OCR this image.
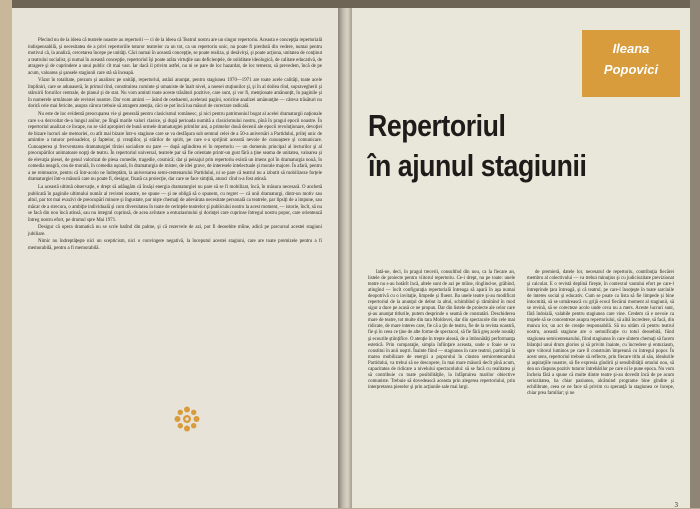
Plecind nu de la ideea că teatrele noastre au repertorii — ci de la ideea că Teatrul nostru are un singur repertoriu. Aceasta e concepţia repertorială indispensabilă, şi necesitatea de a privi repertoriile tuturor teatrelor ca un tot, ca un repertoriu unic, nu poate fi pierdută din vedere, numai pentru motivul că, la analiză, cercetarea începe pe unităţi. Căci numai în această concepţie, se poate realiza, şi desăvirşi, şi poate acţiona, unitatea de conţinut a teatrului socialist, şi numai în această concepţie, repertoriul îşi poate arăta virtuţile sau deficienţele, de soliditate ideologică, de calitate educativă, de atragere şi de cuprindere a unui public cît mai vast. Iar dacă il privim astfel, nu ni se pare de loc hazardat, de loc temerar, să prevedem, încă de pe acum, valoarea şi şansele stagiunii care stă să înceapă.

Văzut în totalitate, prezum şi analizez pe unităţi, repertoriul, astăzi anunţat, pentru stagiunea 1970—1971 are toate acele calităţi, toate acele împliniri, care se adunaseră, în primul rînd, constituirea cuminte şi umaniste de înalt nivel, a noesei stuţiunilor şi, şi în al doilea rînd, supravegherii şi stăruirii forurilor centrale, de planul şi de stat. Nu vom aminti toate aceste trăsături pozitive, care sunt, şi vor fi, menţionate amănunţit, în paginile şi în numerele următoare ale revistei noastre. Dar vom aminti — ăsind de osebaemi, acelerasi pagini, soricine analizei amănunţite — câteva trăsături nu doriră cele mai fericite, asupra cărora trebuie să atragem atenţia, căci se pot încă lua măsuri de corectare radicală.

Nu este de loc evidentă preocuparea vie şi generală pentru clasicismul românesc, şi nici pentru patrimoniul bogat al acelei dramaturgii naţionale care s-a dezvoltat de-a lungul anilor, pe lîngă marile valori clasice, şi după perioada numită a clasicismului nostru, pînă în pragul epocii noastre. În repertoriul analizat ce încape, nu se văd apropieri de bună urmele dramaturgiei primilor ani, a primelor două decenii ale epocii revoluţionare, devoţiei de bizare lucruri ale memoriei, cu atît mai bizare într-o stagiune care se va desfăşura sub semnul celei de a 50-a aniversări a Partidului, prilej unic de amintire a tuturor perioadelor, şi faptelor, şi creaţiilor, şi stărilor de spirit, pe care s-a sprijinit această nevoie de cunoaştere şi comunicare. Cunoaşterea şi frecventarea dramaturgiei tîrziei socialiste nu pare — după aglindirea ei în repertoriu — un domeniu principal al lecturilor şi al preocupărilor animatoare nopţi de teatru. În repertoriul universal, teatrele par să fie orientate printr-un gust fără a ţine seama de unitatea, valoarea şi de elevaţia piesei, de genul valorizat de piesa comedie, tragedie, cosmică; dar şi peisajul prin repertoriu există un imens gol în dramaturgia nouă, în comedia neagră, cea de morală, în comedia uşoară, în dramaturgia de mister, de idei grave, de interesele intelectuale şi morale majore. În afară, pentru a ne reintoarce, pentru că într-acolo ne îndreptăm, la aniversarea semi-centenarului Partidului, ni se pare că teatrul nu a izbutit să mobilizeze forţele dramaturgiei într-o măsură care nu poate fi, desigur, fixată ca proiecţie, dar care se face simţită, atunci cînd n-a fost atinsă.

La această ultimă observaţie, e drept să adăugăm că însăşi energia dramaturgiei nu pare să se fi mobilizat, încă, în măsura necesară. O anchetă publicată în paginile ultimului număr al revistei noastre, ne spune — şi ne obligă să o spunem, cu regret — că unii dramaturgi, dintr-un motiv sau altul, par tot mai evazivi de preocupări minore şi îngustate, par nişte chemaţi de adevărata necesitate personală ca teatrele, par lipsiţi de a impune, sau măcar de a strecura, o ambiţie individuală şi cum diversitatea în toate de cerinţele teatrelor şi publicului nostru la acest moment, — istorie, încît, să nu se facă din nou încă atinsă, sau nu integral cuprinsă, de acea avîntare a entuziasmului şi dorinţei care cuprinse întregul nostru popor, care orientează întreg nostru efort, pe drumul spre Mai 1971.

Desigur că opera dramatică nu se scrie batînd din palme, şi că rezervele de azi, pot fi deosebite mîine, adică pe parcursul acestei stagiuni jubiliare.

Nimic nu îndreptăţeşte nici un scepticism, nici o convingere negativă, la începutul acestei stagiuni, care are toate premizele pentru a fi memorabilă, pentru a fi memorabilă.

Ileana
Popovici
Repertoriul
în ajunul stagiunii

Iată-ne, deci, în pragul trecerii, consultînd din nou, ca la fiecare an, listele de proiecte pentru viitorul repertoriu. Ce-i drept, nu pe toate: unele teatre nu s-au hotărît încă, altele sunt de azi pe mîine, rînglind-se, grăbind, atingînd — încît configuraţia repertorială întreaga să apară în aşa numai deopotrivă cu o invitaţie, limpede şi fluent. Ba unele teatre şi-au modificat repertoriul de la anunţul de debut la altul, schimbînd şi rămînînd în mod sigur a duce pe acasă ce ne propun. Dar din listele de proiecte ale celor care şi-au anunţat titlurile, putem desprinde o seamă de constatări. Deschiderea mare de teatre, tot multe din tara Moldovei, dar din spectacole din cele mai ridicate, de mare interes care, fie că a ţin de teatru, fie de la revista noastră, fie şi în ceea ce ţine de alte forme de spectacol, să fie fără greş acele noutăţi şi ecourile ştiinţifice. O atenţie în trepte aleasă, de a îmbunătăţi performanţa estetică. Prin comparaţie, simpla înfiinţare aceasta, unde o foaie se va constitui în anii noştri. Înainte fiind — stagiunea în care teatrul, participă la marea mobilizare de energii a poporului în cinstea semicentenarului Partidului, va trebui să ne descopere, în mai mare măsură decît pînă acum, capacitatea de ridicare a nivelului spectacolului: să se facă cu realitatea şi să contribuie cu toate posibilităţile, la înfăptuirea marilor obiective comuniste. Trebuie să dovedească aceasta prin alegerea repertoriului, prin interpretarea pieselor şi prin acţiunile sale mai largi.

de premieră, datele lor, necesarul de repertoriu, contribuţia fiecărei membru al colectivului — va trebui minuţios şi cu judiciozitate previzionat şi calculat. E o revistă deplină fireşte, în contextul vastului efort pe care-l întreprinde ţara întreagă, şi că teatrul, pe care-l însoţeşte în toate sarcinile de interes social şi educativ. Cum se poate ca lista să fie limpede şi bine întocmită, să se urmărească cu grijă ecoul fiecărui moment al stagiunii, să se revină, să se corecteze acolo unde ceva nu a mers. Aceste lucruri sunt, fără îndoială, valabile pentru stagiunea care vine. Credem că e nevoie ca trupele să se concentreze asupra repertoriului, să aibă încredere, să facă, din munca lor, un act de creaţie responsabilă. Să nu uităm că pentru teatrul nostru, această stagiune are o semnificaţie cu totul deosebită, fiind stagiunea semicentenarului, fiind stagiunea în care sîntem chemaţi să facem bilanţul unui drum glorios şi să privim înainte, cu încredere şi entuziasm, spre viitorul luminos pe care îl construim împreună cu întregul popor. În acest sens, repertoriul trebuie să reflecte, prin fiecare titlu al său, idealurile şi aspiraţiile noastre, să fie expresia gîndirii şi sensibilităţii omului nou, să dea un răspuns pozitiv tuturor întrebărilor pe care ni le pune epoca. Nu vom încheia fără a spune că multe dintre teatre şi-au dovedit încă de pe acum seriozitatea, ba chiar pasiunea, alcătuind programe bine gîndite şi echilibrate, ceea ce ne face să privim cu speranţă la stagiunea ce începe, chiar prea familiar; şi ne

3
